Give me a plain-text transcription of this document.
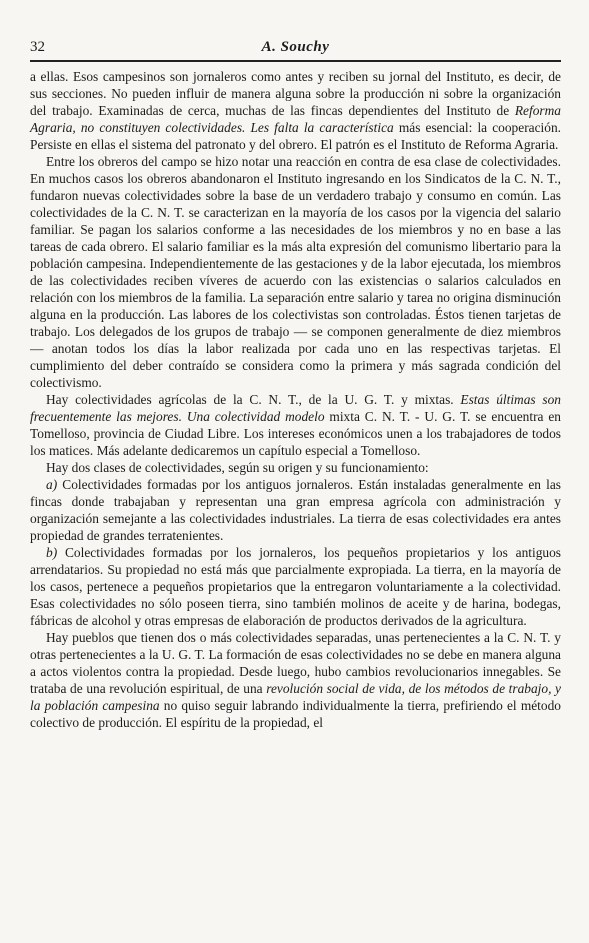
32	A. Souchy

a ellas. Esos campesinos son jornaleros como antes y reciben su jornal del Instituto, es decir, de sus secciones. No pueden influir de manera alguna sobre la producción ni sobre la organización del trabajo. Examinadas de cerca, muchas de las fincas dependientes del Instituto de Reforma Agraria, no constituyen colectividades. Les falta la característica más esencial: la cooperación. Persiste en ellas el sistema del patronato y del obrero. El patrón es el Instituto de Reforma Agraria.

Entre los obreros del campo se hizo notar una reacción en contra de esa clase de colectividades. En muchos casos los obreros abandonaron el Instituto ingresando en los Sindicatos de la C. N. T., fundaron nuevas colectividades sobre la base de un verdadero trabajo y consumo en común. Las colectividades de la C. N. T. se caracterizan en la mayoría de los casos por la vigencia del salario familiar. Se pagan los salarios conforme a las necesidades de los miembros y no en base a las tareas de cada obrero. El salario familiar es la más alta expresión del comunismo libertario para la población campesina. Independientemente de las gestaciones y de la labor ejecutada, los miembros de las colectividades reciben víveres de acuerdo con las existencias o salarios calculados en relación con los miembros de la familia. La separación entre salario y tarea no origina disminución alguna en la producción. Las labores de los colectivistas son controladas. Éstos tienen tarjetas de trabajo. Los delegados de los grupos de trabajo — se componen generalmente de diez miembros — anotan todos los días la labor realizada por cada uno en las respectivas tarjetas. El cumplimiento del deber contraído se considera como la primera y más sagrada condición del colectivismo.

Hay colectividades agrícolas de la C. N. T., de la U. G. T. y mixtas. Estas últimas son frecuentemente las mejores. Una colectividad modelo mixta C. N. T. - U. G. T. se encuentra en Tomelloso, provincia de Ciudad Libre. Los intereses económicos unen a los trabajadores de todos los matices. Más adelante dedicaremos un capítulo especial a Tomelloso.

Hay dos clases de colectividades, según su origen y su funcionamiento:

a) Colectividades formadas por los antiguos jornaleros. Están instaladas generalmente en las fincas donde trabajaban y representan una gran empresa agrícola con administración y organización semejante a las colectividades industriales. La tierra de esas colectividades era antes propiedad de grandes terratenientes.

b) Colectividades formadas por los jornaleros, los pequeños propietarios y los antiguos arrendatarios. Su propiedad no está más que parcialmente expropiada. La tierra, en la mayoría de los casos, pertenece a pequeños propietarios que la entregaron voluntariamente a la colectividad. Esas colectividades no sólo poseen tierra, sino también molinos de aceite y de harina, bodegas, fábricas de alcohol y otras empresas de elaboración de productos derivados de la agricultura.

Hay pueblos que tienen dos o más colectividades separadas, unas pertenecientes a la C. N. T. y otras pertenecientes a la U. G. T. La formación de esas colectividades no se debe en manera alguna a actos violentos contra la propiedad. Desde luego, hubo cambios revolucionarios innegables. Se trataba de una revolución espiritual, de una revolución social de vida, de los métodos de trabajo, y la población campesina no quiso seguir labrando individualmente la tierra, prefiriendo el método colectivo de producción. El espíritu de la propiedad, el
